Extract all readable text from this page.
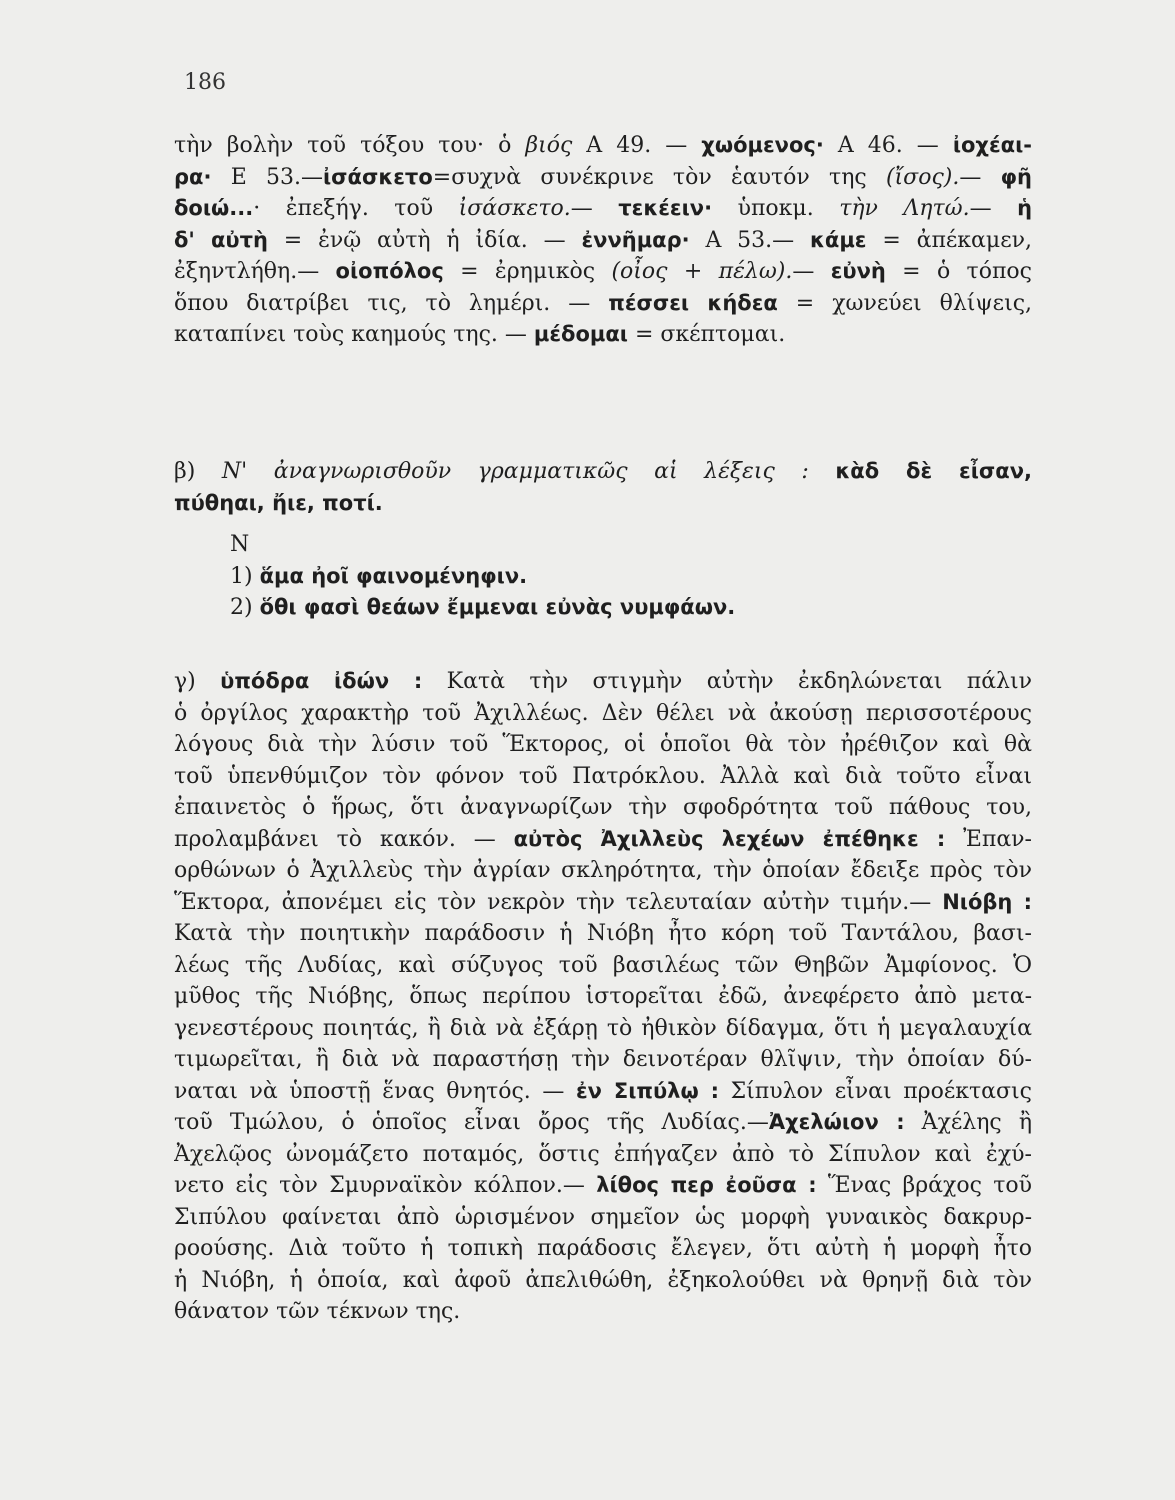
186
τὴν βολὴν τοῦ τόξου του· ὁ βιός Α 49. — χωόμενος· Α 46. — ἰοχέαι-
ρα· Ε 53.—ἰσάσκετο=συχνὰ συνέκρινε τὸν ἑαυτόν της (ἴσος).— φῆ
δοιώ...· ἐπεξήγ. τοῦ ἰσάσκετο.— τεκέειν· ὑποκμ. τὴν Λητώ.— ἡ
δ' αὐτὴ = ἐνῷ αὐτὴ ἡ ἰδία. — ἐννῆμαρ· Α 53.— κάμε = ἀπέκαμεν,
ἐξηντλήθη.— οἰοπόλος = ἐρημικὸς (οἶος + πέλω).— εὐνὴ = ὁ τόπος
ὅπου διατρίβει τις, τὸ λημέρι. — πέσσει κήδεα = χωνεύει θλίψεις,
καταπίνει τοὺς καημούς της. — μέδομαι = σκέπτομαι.
β) Ν' ἀναγνωρισθοῦν γραμματικῶς αἱ λέξεις : κὰδ δὲ εἶσαν,
πύθηαι, ἤιε, ποτί.
Ν
1) ἅμα ἠοῖ φαινομένηφιν.
2) ὅθι φασὶ θεάων ἔμμεναι εὐνὰς νυμφάων.
γ) ὑπόδρα ἰδών : Κατὰ τὴν στιγμὴν αὐτὴν ἐκδηλώνεται πάλιν
ὁ ὀργίλος χαρακτὴρ τοῦ Ἀχιλλέως. Δὲν θέλει νὰ ἀκούσῃ περισσοτέρους
λόγους διὰ τὴν λύσιν τοῦ Ἕκτορος, οἱ ὁποῖοι θὰ τὸν ἠρέθιζον καὶ θὰ
τοῦ ὑπενθύμιζον τὸν φόνον τοῦ Πατρόκλου. Ἀλλὰ καὶ διὰ τοῦτο εἶναι
ἐπαινετὸς ὁ ἥρως, ὅτι ἀναγνωρίζων τὴν σφοδρότητα τοῦ πάθους του,
προλαμβάνει τὸ κακόν. — αὐτὸς Ἀχιλλεὺς λεχέων ἐπέθηκε : Ἐπαν-
ορθώνων ὁ Ἀχιλλεὺς τὴν ἀγρίαν σκληρότητα, τὴν ὁποίαν ἔδειξε πρὸς τὸν
Ἕκτορα, ἀπονέμει εἰς τὸν νεκρὸν τὴν τελευταίαν αὐτὴν τιμήν.— Νιόβη :
Κατὰ τὴν ποιητικὴν παράδοσιν ἡ Νιόβη ἦτο κόρη τοῦ Ταντάλου, βασι-
λέως τῆς Λυδίας, καὶ σύζυγος τοῦ βασιλέως τῶν Θηβῶν Ἀμφίονος. Ὁ
μῦθος τῆς Νιόβης, ὅπως περίπου ἱστορεῖται ἐδῶ, ἀνεφέρετο ἀπὸ μετα-
γενεστέρους ποιητάς, ἢ διὰ νὰ ἐξάρῃ τὸ ἠθικὸν δίδαγμα, ὅτι ἡ μεγαλαυχία
τιμωρεῖται, ἢ διὰ νὰ παραστήσῃ τὴν δεινοτέραν θλῖψιν, τὴν ὁποίαν δύ-
ναται νὰ ὑποστῇ ἕνας θνητός. — ἐν Σιπύλῳ : Σίπυλον εἶναι προέκτασις
τοῦ Τμώλου, ὁ ὁποῖος εἶναι ὄρος τῆς Λυδίας.—Ἀχελώιον : Ἀχέλης ἢ
Ἀχελῷος ὠνομάζετο ποταμός, ὅστις ἐπήγαζεν ἀπὸ τὸ Σίπυλον καὶ ἐχύ-
νετο εἰς τὸν Σμυρναϊκὸν κόλπον.— λίθος περ ἐοῦσα : Ἕνας βράχος τοῦ
Σιπύλου φαίνεται ἀπὸ ὡρισμένον σημεῖον ὡς μορφὴ γυναικὸς δακρυρ-
ροούσης. Διὰ τοῦτο ἡ τοπικὴ παράδοσις ἔλεγεν, ὅτι αὐτὴ ἡ μορφὴ ἦτο
ἡ Νιόβη, ἡ ὁποία, καὶ ἀφοῦ ἀπελιθώθη, ἐξηκολούθει νὰ θρηνῇ διὰ τὸν
θάνατον τῶν τέκνων της.
